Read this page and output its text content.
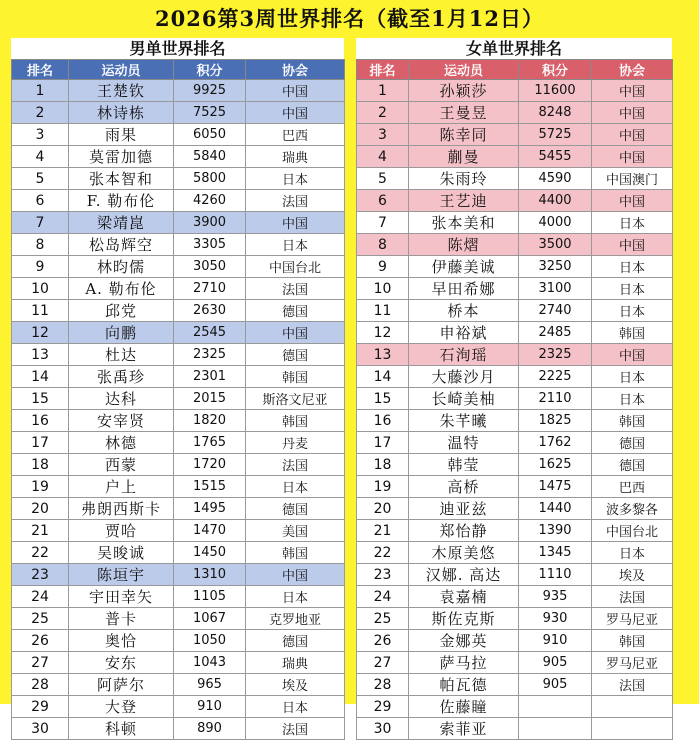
2026第3周世界排名（截至1月12日）
男单世界排名
排名	运动员	积分	协会
1	王楚钦	9925	中国
2	林诗栋	7525	中国
3	雨果	6050	巴西
4	莫雷加德	5840	瑞典
5	张本智和	5800	日本
6	F. 勒布伦	4260	法国
7	梁靖崑	3900	中国
8	松岛辉空	3305	日本
9	林昀儒	3050	中国台北
10	A. 勒布伦	2710	法国
11	邱党	2630	德国
12	向鹏	2545	中国
13	杜达	2325	德国
14	张禹珍	2301	韩国
15	达科	2015	斯洛文尼亚
16	安宰贤	1820	韩国
17	林德	1765	丹麦
18	西蒙	1720	法国
19	户上	1515	日本
20	弗朗西斯卡	1495	德国
21	贾哈	1470	美国
22	吴晙诚	1450	韩国
23	陈垣宇	1310	中国
24	宇田幸矢	1105	日本
25	普卡	1067	克罗地亚
26	奥恰	1050	德国
27	安东	1043	瑞典
28	阿萨尔	965	埃及
29	大登	910	日本
30	科顿	890	法国
女单世界排名
排名	运动员	积分	协会
1	孙颖莎	11600	中国
2	王曼昱	8248	中国
3	陈幸同	5725	中国
4	蒯曼	5455	中国
5	朱雨玲	4590	中国澳门
6	王艺迪	4400	中国
7	张本美和	4000	日本
8	陈熠	3500	中国
9	伊藤美诚	3250	日本
10	早田希娜	3100	日本
11	桥本	2740	日本
12	申裕斌	2485	韩国
13	石洵瑶	2325	中国
14	大藤沙月	2225	日本
15	长崎美柚	2110	日本
16	朱芊曦	1825	韩国
17	温特	1762	德国
18	韩莹	1625	德国
19	高桥	1475	巴西
20	迪亚兹	1440	波多黎各
21	郑怡静	1390	中国台北
22	木原美悠	1345	日本
23	汉娜. 高达	1110	埃及
24	袁嘉楠	935	法国
25	斯佐克斯	930	罗马尼亚
26	金娜英	910	韩国
27	萨马拉	905	罗马尼亚
28	帕瓦德	905	法国
29	佐藤瞳		
30	索菲亚		
